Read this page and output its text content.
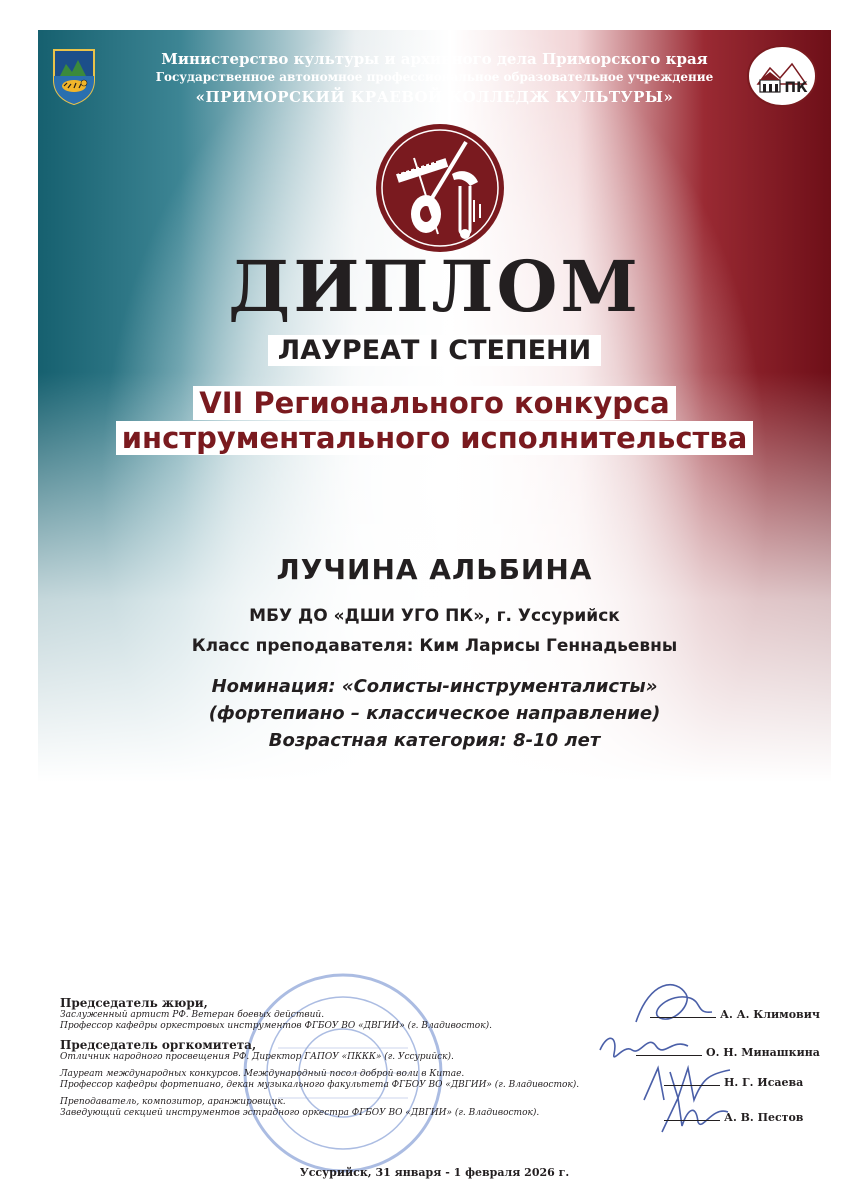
Министерство культуры и архивного дела Приморского края
Государственное автономное профессиональное образовательное учреждение
«ПРИМОРСКИЙ КРАЕВОЙ КОЛЛЕДЖ КУЛЬТУРЫ»	ПК
ДИПЛОМ
ЛАУРЕАТ I СТЕПЕНИ
VII Регионального конкурса
инструментального исполнительства
ЛУЧИНА АЛЬБИНА
МБУ ДО «ДШИ УГО ПК», г. Уссурийск
Класс преподавателя: Ким Ларисы Геннадьевны
Номинация: «Солисты-инструменталисты»
(фортепиано – классическое направление)
Возрастная категория: 8-10 лет
Председатель жюри,
Заслуженный артист РФ. Ветеран боевых действий.
Профессор кафедры оркестровых инструментов ФГБОУ ВО «ДВГИИ» (г. Владивосток).
Председатель оргкомитета,
Отличник народного просвещения РФ. Директор ГАПОУ «ПККК» (г. Уссурийск).
Лауреат международных конкурсов. Международный посол доброй воли в Китае.
Профессор кафедры фортепиано, декан музыкального факультета ФГБОУ ВО «ДВГИИ» (г. Владивосток).
Преподаватель, композитор, аранжировщик.
Заведующий секцией инструментов эстрадного оркестра ФГБОУ ВО «ДВГИИ» (г. Владивосток).
А. А. Климович
О. Н. Минашкина
Н. Г. Исаева
А. В. Пестов
Уссурийск, 31 января - 1 февраля 2026 г.
